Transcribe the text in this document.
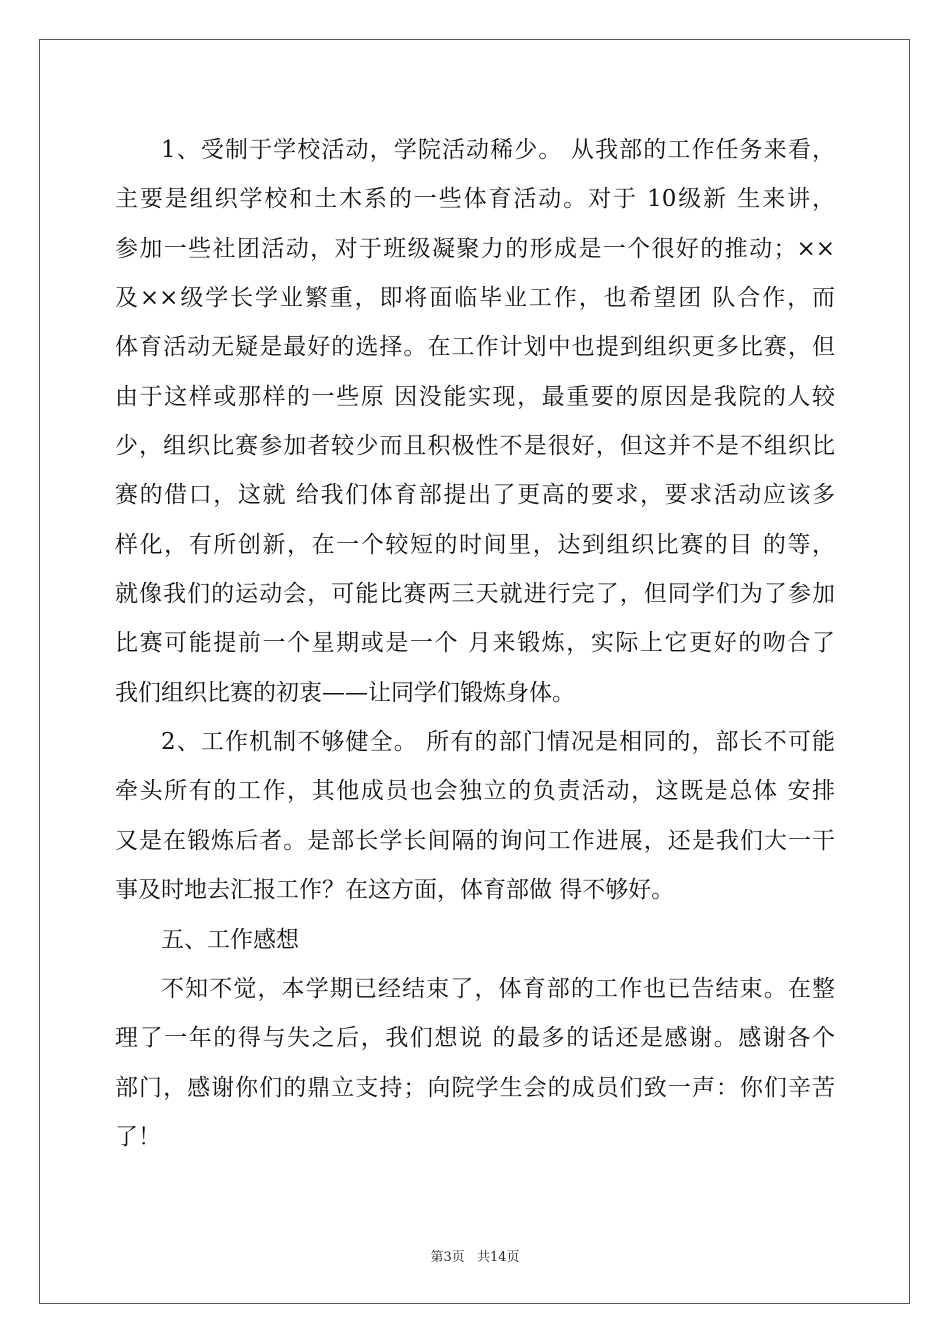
1、受制于学校活动，学院活动稀少。 从我部的工作任务来看，
主要是组织学校和土木系的一些体育活动。对于 10级新 生来讲，
参加一些社团活动，对于班级凝聚力的形成是一个很好的推动；××
及××级学长学业繁重，即将面临毕业工作，也希望团 队合作，而
体育活动无疑是最好的选择。在工作计划中也提到组织更多比赛，但
由于这样或那样的一些原 因没能实现，最重要的原因是我院的人较
少，组织比赛参加者较少而且积极性不是很好，但这并不是不组织比
赛的借口，这就 给我们体育部提出了更高的要求，要求活动应该多
样化，有所创新，在一个较短的时间里，达到组织比赛的目 的等，
就像我们的运动会，可能比赛两三天就进行完了，但同学们为了参加
比赛可能提前一个星期或是一个 月来锻炼，实际上它更好的吻合了
我们组织比赛的初衷——让同学们锻炼身体。
2、工作机制不够健全。 所有的部门情况是相同的，部长不可能
牵头所有的工作，其他成员也会独立的负责活动，这既是总体 安排
又是在锻炼后者。是部长学长间隔的询问工作进展，还是我们大一干
事及时地去汇报工作？在这方面，体育部做 得不够好。
五、工作感想
不知不觉，本学期已经结束了，体育部的工作也已告结束。在整
理了一年的得与失之后，我们想说 的最多的话还是感谢。感谢各个
部门，感谢你们的鼎立支持；向院学生会的成员们致一声：你们辛苦
了！
第3页 共14页
